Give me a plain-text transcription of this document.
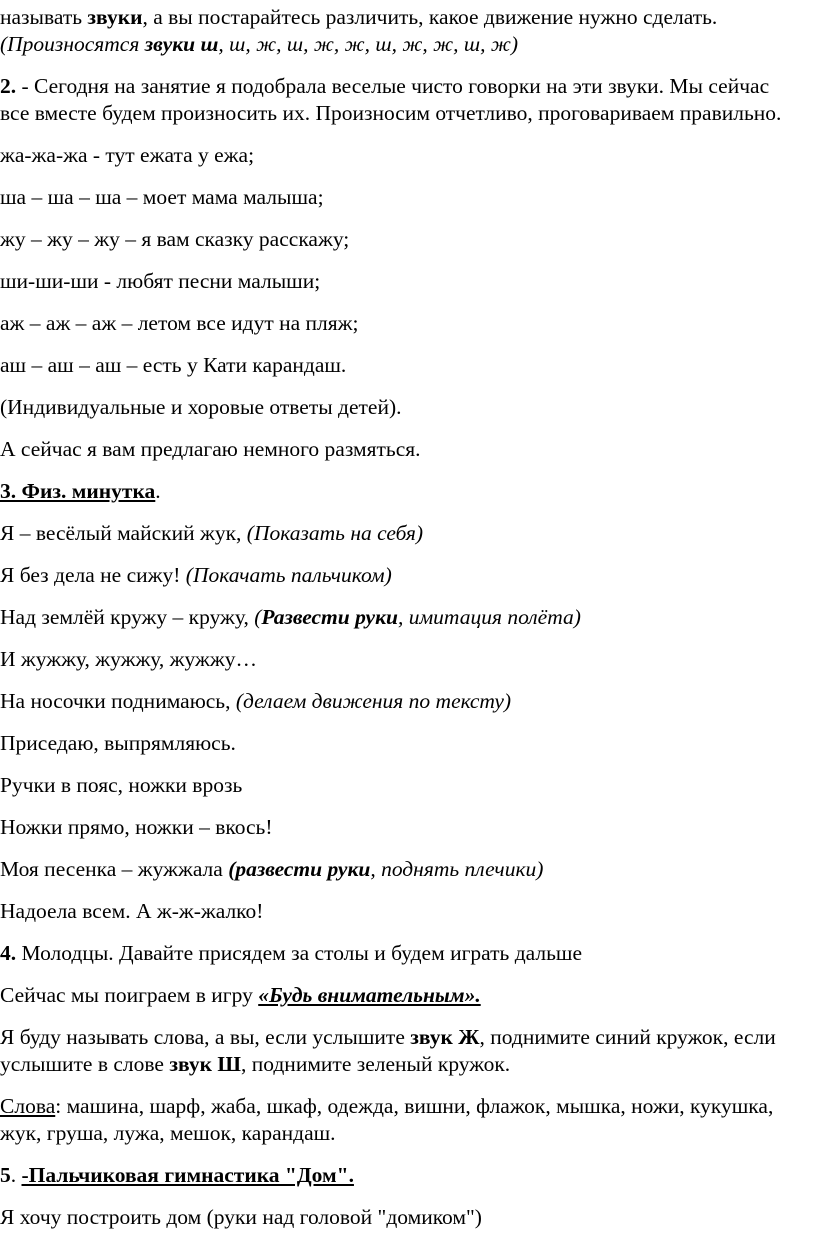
называть звуки, а вы постарайтесь различить, какое движение нужно сделать. (Произносятся звуки ш, ш, ж, ш, ж, ж, ш, ж, ж, ш, ж)

2. - Сегодня на занятие я подобрала веселые чисто говорки на эти звуки. Мы сейчас все вместе будем произносить их. Произносим отчетливо, проговариваем правильно.

жа-жа-жа - тут ежата у ежа;

ша – ша – ша – моет мама малыша;

жу – жу – жу – я вам сказку расскажу;

ши-ши-ши - любят песни малыши;

аж – аж – аж – летом все идут на пляж;

аш – аш – аш – есть у Кати карандаш.

(Индивидуальные и хоровые ответы детей).

А сейчас я вам предлагаю немного размяться.

3. Физ. минутка.

Я – весёлый майский жук, (Показать на себя)

Я без дела не сижу! (Покачать пальчиком)

Над землёй кружу – кружу, (Развести руки, имитация полёта)

И жужжу, жужжу, жужжу…

На носочки поднимаюсь, (делаем движения по тексту)

Приседаю, выпрямляюсь.

Ручки в пояс, ножки врозь

Ножки прямо, ножки – вкось!

Моя песенка – жужжала (развести руки, поднять плечики)

Надоела всем. А ж-ж-жалко!

4. Молодцы. Давайте присядем за столы и будем играть дальше

Сейчас мы поиграем в игру «Будь внимательным».

Я буду называть слова, а вы, если услышите звук Ж, поднимите синий кружок, если услышите в слове звук Ш, поднимите зеленый кружок.

Слова: машина, шарф, жаба, шкаф, одежда, вишни, флажок, мышка, ножи, кукушка, жук, груша, лужа, мешок, карандаш.

5. -Пальчиковая гимнастика "Дом".

Я хочу построить дом (руки над головой "домиком")
